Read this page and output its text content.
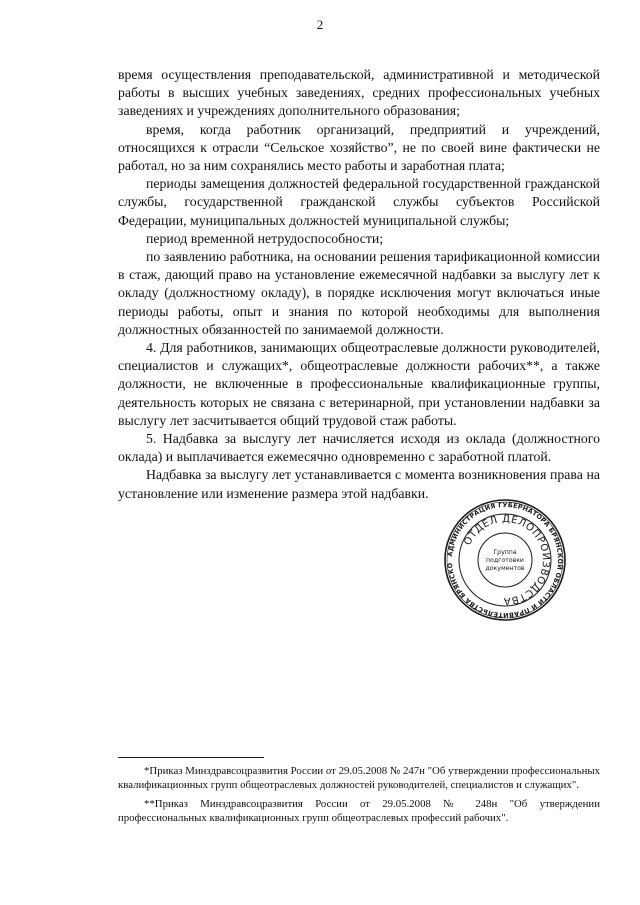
2

время осуществления преподавательской, административной и методической работы в высших учебных заведениях, средних профессиональных учебных заведениях и учреждениях дополнительного образования;

время, когда работник организаций, предприятий и учреждений, относящихся к отрасли “Сельское хозяйство”, не по своей вине фактически не работал, но за ним сохранялись место работы и заработная плата;

периоды замещения должностей федеральной государственной гражданской службы, государственной гражданской службы субъектов Российской Федерации, муниципальных должностей муниципальной службы;

период временной нетрудоспособности;

по заявлению работника, на основании решения тарификационной комиссии в стаж, дающий право на установление ежемесячной надбавки за выслугу лет к окладу (должностному окладу), в порядке исключения могут включаться иные периоды работы, опыт и знания по которой необходимы для выполнения должностных обязанностей по занимаемой должности.

4. Для работников, занимающих общеотраслевые должности руководителей, специалистов и служащих*, общеотраслевые должности рабочих**, а также должности, не включенные в профессиональные квалификационные группы, деятельность которых не связана с ветеринарной, при установлении надбавки за выслугу лет засчитывается общий трудовой стаж работы.

5. Надбавка за выслугу лет начисляется исходя из оклада (должностного оклада) и выплачивается ежемесячно одновременно с заработной платой.

Надбавка за выслугу лет устанавливается с момента возникновения права на установление или изменение размера этой надбавки.

АДМИНИСТРАЦИЯ ГУБЕРНАТОРА БРЯНСКОЙ ОБЛАСТИ И ПРАВИТЕЛЬСТВА БРЯНСКО
ОТДЕЛ ДЕЛОПРОИЗВОДСТВА
Группа
подготовки
документов

*Приказ Минздравсоцразвития России от 29.05.2008 № 247н "Об утверждении профессиональных квалификационных групп общеотраслевых должностей руководителей, специалистов и служащих".

**Приказ Минздравсоцразвития России от 29.05.2008 № 248н "Об утверждении профессиональных квалификационных групп общеотраслевых профессий рабочих".
